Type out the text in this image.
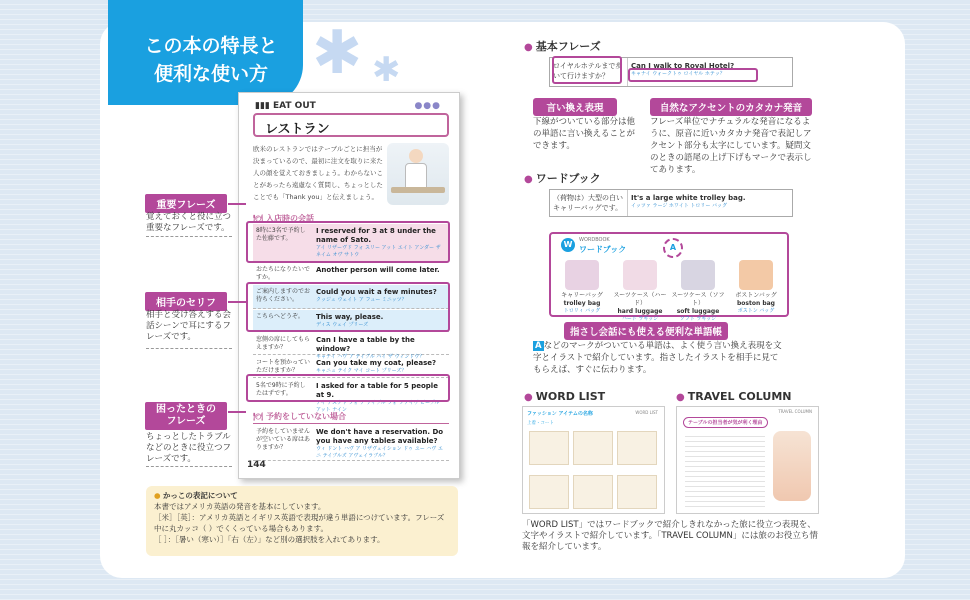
この本の特長と
便利な使い方 ✱ ✱
重要フレーズ
覚えておくと役に立つ重要なフレーズです。
相手のセリフ
相手と受け答えする会話シーンで耳にするフレーズです。
困ったときの
フレーズ
ちょっとしたトラブルなどのときに役立つフレーズです。
▮▮▮ EAT OUT	●●●
レストラン
欧米のレストランではテーブルごとに担当が決まっているので、最初に注文を取りに来た人の顔を覚えておきましょう。わからないことがあったら遠慮なく質問し、ちょっとしたことでも「Thank you」と伝えましょう。
🍽 入店時の会話
8時に3名で予約した佐藤です。
I reserved for 3 at 8 under the name of Sato.
アイ リザーヴド フォ スリー アット エイト アンダー ザ ネイム オヴ サトウ
おたちになりたいですか。
Another person will come later.
ご案内しますのでお待ちください。
Could you wait a few minutes?
クッジュ ウェイト ア フュー ミニッツ？
こちらへどうぞ。	This way, please.
ディス ウェイ プリーズ
窓側の席にしてもらえますか？
Can I have a table by the window?
キャナイ ハヴ ア テイブル バイ ザ ウィンドウ？
コートを預かっていただけますか？
Can you take my coat, please?
キャニュ テイク マイ コート プリーズ？
5名で9時に予約したはずです。
I asked for a table for 5 people at 9.
アイ アスクト フォ ア テイブル フォ ファイヴ ピープル アット ナイン
🍽 予約をしていない場合
予約をしていませんが空いている席はありますか？
We don't have a reservation. Do you have any tables available?
ウィ ドント ハヴ ア リザヴェイション ドゥ ユー ハヴ エニ テイブルズ アヴェイラブル？
144
● かっこの表記について
本書ではアメリカ英語の発音を基本にしています。
［米］［英］：アメリカ英語とイギリス英語で表現が違う単語につけています。フレーズ中に丸カッコ（ ）でくくっている場合もあります。
［ ］：［暑い（寒い）］「右（左）」など別の選択肢を入れてあります。
● 基本フレーズ
ロイヤルホテルまで歩いて行けますか？
Can I walk to Royal Hotel?
キャナイ ウォークトゥ ロイヤル ホテッ？
言い換え表現
下線がついている部分は他の単語に言い換えることができます。
自然なアクセントのカタカナ発音
フレーズ単位でナチュラルな発音になるように、原音に近いカタカナ発音で表記しアクセント部分も太字にしています。疑問文のときの語尾の上げ下げもマークで表示してあります。
● ワードブック
（荷物は）大型の白いキャリーバッグです。
It's a large white trolley bag.
イッツァ ラージ ホワイト トロリー バッグ
W	WORDBOOK
ワードブック	A
キャリーバッグ
trolley bag
トロリィ バッグ
スーツケース（ハード）
hard luggage
ハード ラギッジ
スーツケース（ソフト）
soft luggage
ソフト ラギッジ
ボストンバッグ
boston bag
ボストン バッグ
指さし会話にも使える便利な単語帳
A などのマークがついている単語は、よく使う言い換え表現を文字とイラストで紹介しています。指さしたイラストを相手に見てもらえば、すぐに伝わります。
● WORD LIST
ファッション アイテムの名称	WORD LIST
上着・コート
● TRAVEL COLUMN
テーブルの担当者が気が利く理由
TRAVEL COLUMN
「WORD LIST」ではワードブックで紹介しきれなかった旅に役立つ表現を、文字やイラストで紹介しています。「TRAVEL COLUMN」には旅のお役立ち情報を紹介しています。
